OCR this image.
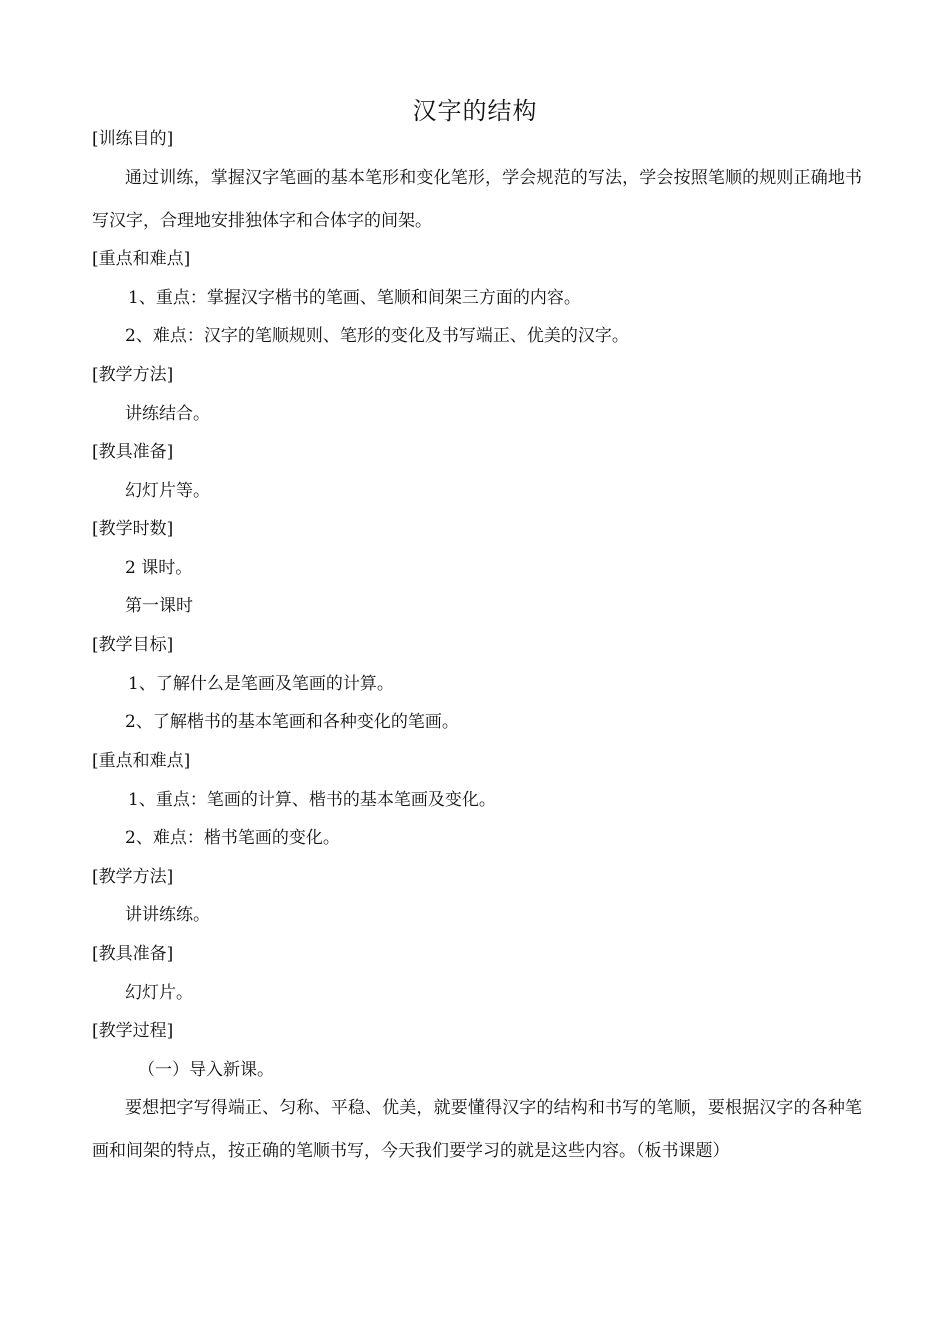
汉字的结构
[训练目的]
通过训练，掌握汉字笔画的基本笔形和变化笔形，学会规范的写法，学会按照笔顺的规则正确地书写汉字，合理地安排独体字和合体字的间架。
[重点和难点]
1、重点：掌握汉字楷书的笔画、笔顺和间架三方面的内容。
2、难点：汉字的笔顺规则、笔形的变化及书写端正、优美的汉字。
[教学方法]
讲练结合。
[教具准备]
幻灯片等。
[教学时数]
2 课时。
第一课时
[教学目标]
1、了解什么是笔画及笔画的计算。
2、了解楷书的基本笔画和各种变化的笔画。
[重点和难点]
1、重点：笔画的计算、楷书的基本笔画及变化。
2、难点：楷书笔画的变化。
[教学方法]
讲讲练练。
[教具准备]
幻灯片。
[教学过程]
（一）导入新课。
要想把字写得端正、匀称、平稳、优美，就要懂得汉字的结构和书写的笔顺，要根据汉字的各种笔画和间架的特点，按正确的笔顺书写，今天我们要学习的就是这些内容。（板书课题）
